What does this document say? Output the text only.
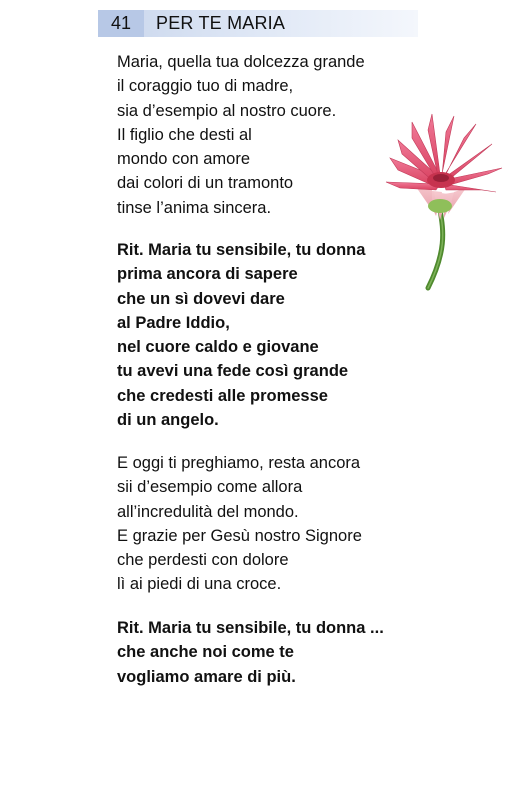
41	PER TE MARIA
Maria, quella tua dolcezza grande
il coraggio tuo di madre,
sia d’esempio al nostro cuore.
Il figlio che desti al
mondo con amore
dai colori di un tramonto
tinse l’anima sincera.
Rit. Maria tu sensibile, tu donna
prima ancora di sapere
che un sì dovevi dare
al Padre Iddio,
nel cuore caldo e giovane
tu avevi una fede così grande
che credesti alle promesse
di un angelo.
E oggi ti preghiamo, resta ancora
sii d’esempio come allora
all’incredulità del mondo.
E grazie per Gesù nostro Signore
che perdesti con dolore
lì ai piedi di una croce.
Rit. Maria tu sensibile, tu donna ...
che anche noi come te
vogliamo amare di più.
